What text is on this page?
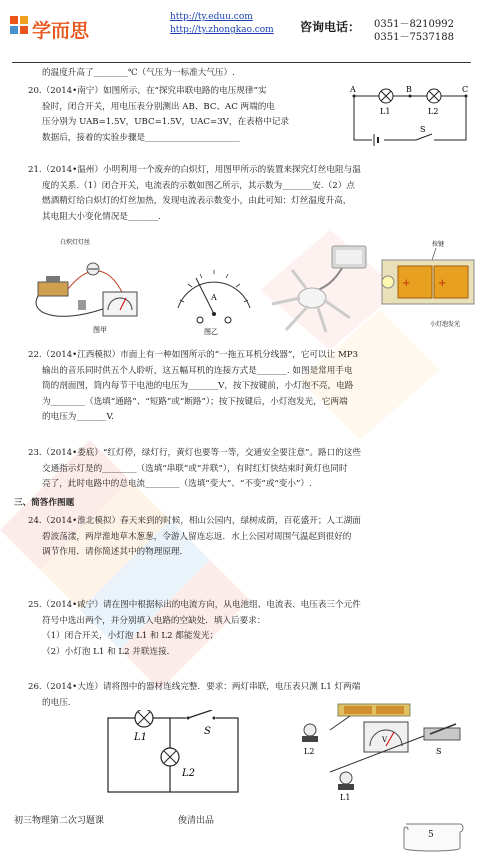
学而思
http://ty.eduu.com
http://ty.zhongkao.com 咨询电话： 0351－8210992
0351－7537188
的温度升高了________℃（气压为一标准大气压）.

20.（2014•南宁）如图所示，在“探究串联电路的电压规律”实

验时，闭合开关，用电压表分别测出 AB、BC、AC 两端的电

压分别为 UAB=1.5V，UBC=1.5V，UAC=3V，在表格中记录

数据后，接着的实验步骤是______________________

A	B	C
L1	L2
S

21.（2014•温州）小明利用一个废弃的白炽灯，用图甲所示的装置来探究灯丝电阻与温

度的关系.（1）闭合开关，电流表的示数如图乙所示，其示数为_______安.（2）点

燃酒精灯给白炽灯的灯丝加热，发现电流表示数变小，由此可知：灯丝温度升高，

其电阻大小变化情况是_______.

白炽灯灯丝
图甲
A
图乙
按键
+	+
小灯泡发光

22.（2014•江西模拟）市面上有一种如图所示的“一拖五耳机分线器”，它可以让 MP3

输出的音乐同时供五个人聆听，这五幅耳机的连接方式是_______. 如图是常用手电

筒的剖面图，筒内每节干电池的电压为_______V，按下按键前，小灯泡不亮，电路

为________（选填“通路”、“短路”或“断路”）；按下按键后，小灯泡发光，它两端

的电压为_______V.

23.（2014•娄底）“红灯停，绿灯行，黄灯也要等一等，交通安全要注意”。路口的这些

交通指示灯是的________（选填“串联”或“并联”），有时红灯快结束时黄灯也同时

亮了，此时电路中的总电流________（选填“变大”、“不变”或“变小”）.

三、简答作图题

24.（2014•淮北模拟）春天来到的时候，相山公园内，绿树成荫，百花盛开；人工湖面

碧波荡漾，两岸淮地草木葱葱，令游人留连忘返．水上公园对周围气温起到很好的

调节作用．请你简述其中的物理原理．

25.（2014•咸宁）请在图中根据标出的电流方向，从电池组、电流表、电压表三个元件

符号中选出两个，并分别填入电路的空缺处．填入后要求：

（1）闭合开关，小灯泡 L1 和 L2 都能发光；

（2）小灯泡 L1 和 L2 并联连接．

26.（2014•大连）请将图中的器材连线完整．要求：两灯串联，电压表只测 L1 灯两端

的电压.

L1
S
L2
V
L2	S
L1
初三物理第二次习题课	俊清出品
5
